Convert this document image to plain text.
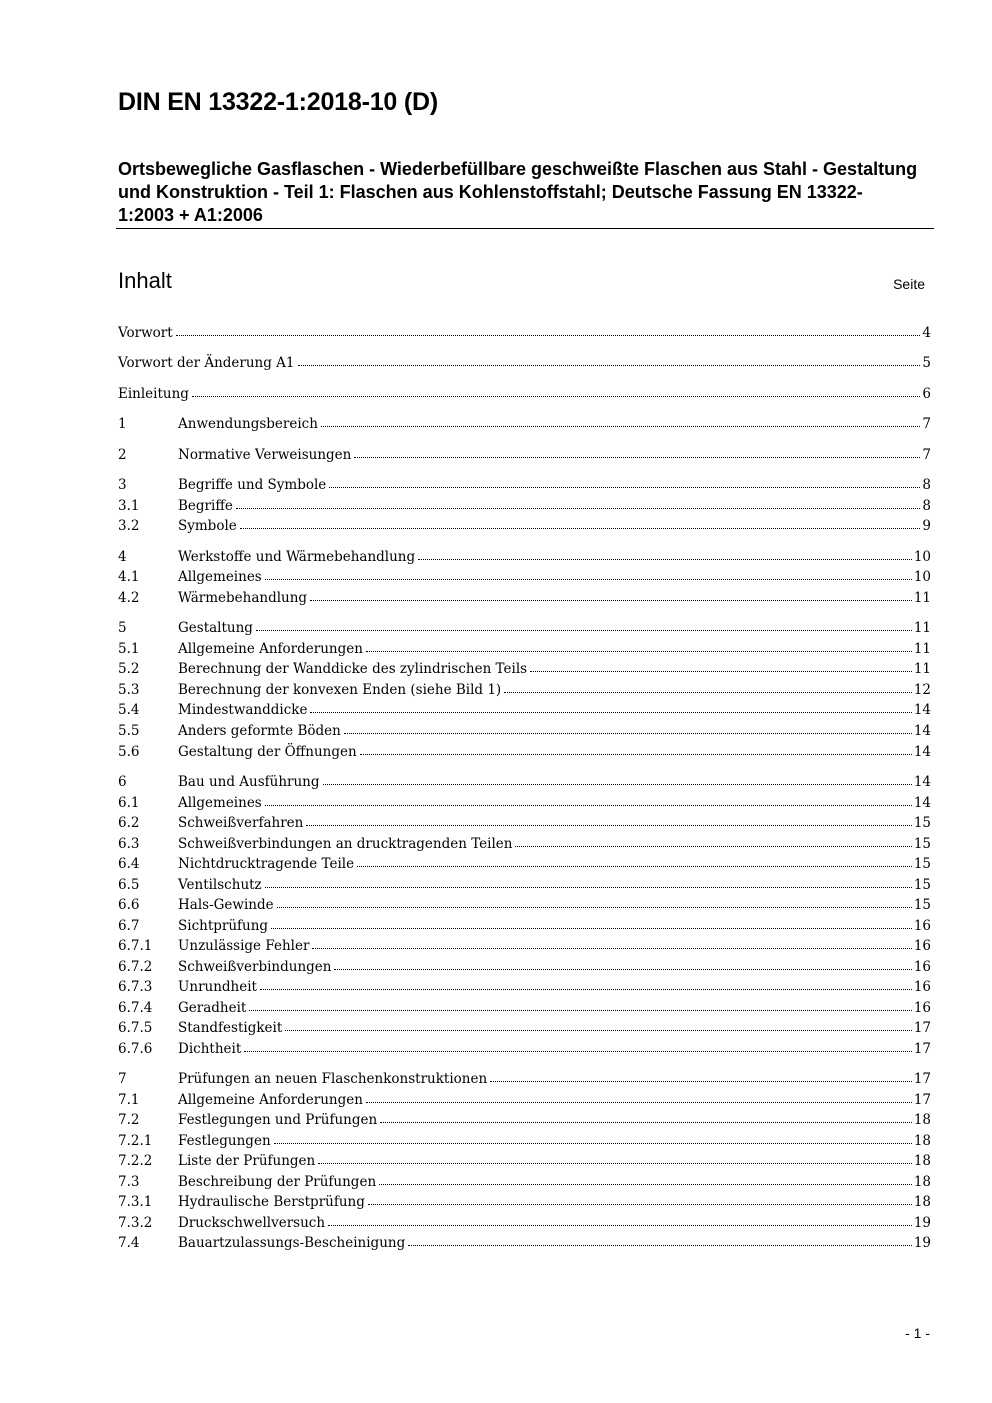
DIN EN 13322-1:2018-10 (D)
Ortsbewegliche Gasflaschen - Wiederbefüllbare geschweißte Flaschen aus Stahl - Gestaltung und Konstruktion - Teil 1: Flaschen aus Kohlenstoffstahl; Deutsche Fassung EN 13322-1:2003 + A1:2006
Inhalt	Seite
Vorwort	4
Vorwort der Änderung A1	5
Einleitung	6
1	Anwendungsbereich	7
2	Normative Verweisungen	7
3	Begriffe und Symbole	8
3.1	Begriffe	8
3.2	Symbole	9
4	Werkstoffe und Wärmebehandlung	10
4.1	Allgemeines	10
4.2	Wärmebehandlung	11
5	Gestaltung	11
5.1	Allgemeine Anforderungen	11
5.2	Berechnung der Wanddicke des zylindrischen Teils	11
5.3	Berechnung der konvexen Enden (siehe Bild 1)	12
5.4	Mindestwanddicke	14
5.5	Anders geformte Böden	14
5.6	Gestaltung der Öffnungen	14
6	Bau und Ausführung	14
6.1	Allgemeines	14
6.2	Schweißverfahren	15
6.3	Schweißverbindungen an drucktragenden Teilen	15
6.4	Nichtdrucktragende Teile	15
6.5	Ventilschutz	15
6.6	Hals-Gewinde	15
6.7	Sichtprüfung	16
6.7.1	Unzulässige Fehler	16
6.7.2	Schweißverbindungen	16
6.7.3	Unrundheit	16
6.7.4	Geradheit	16
6.7.5	Standfestigkeit	17
6.7.6	Dichtheit	17
7	Prüfungen an neuen Flaschenkonstruktionen	17
7.1	Allgemeine Anforderungen	17
7.2	Festlegungen und Prüfungen	18
7.2.1	Festlegungen	18
7.2.2	Liste der Prüfungen	18
7.3	Beschreibung der Prüfungen	18
7.3.1	Hydraulische Berstprüfung	18
7.3.2	Druckschwellversuch	19
7.4	Bauartzulassungs-Bescheinigung	19
- 1 -
